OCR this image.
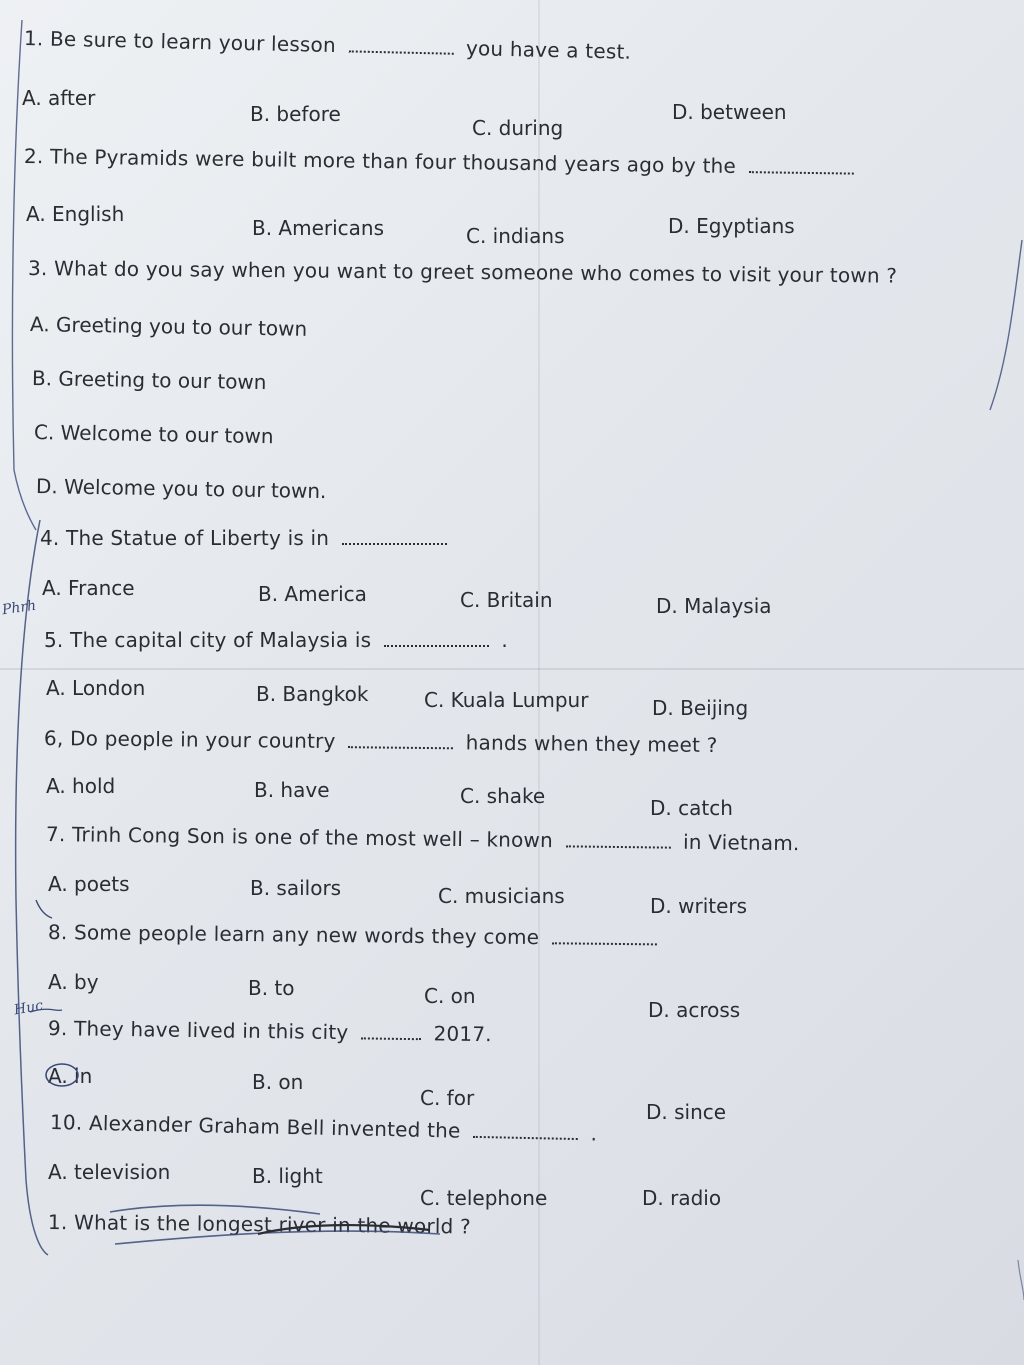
1. Be sure to learn your lesson	you have a test.
A. after
B. before
C. during
D. between
2. The Pyramids were built more than four thousand years ago by the
A. English
B. Americans	C. indians	D. Egyptians
3. What do you say when you want to greet someone who comes to visit your town ?
A. Greeting you to our town
B. Greeting to our town
C. Welcome to our town
D. Welcome you to our town.
4. The Statue of Liberty is in
A. France	B. America	C. Britain	D. Malaysia
5. The capital city of Malaysia is	.
A. London	B. Bangkok	C. Kuala Lumpur	D. Beijing
6, Do people in your country	hands when they meet ?
A. hold	B. have	C. shake	D. catch
7. Trinh Cong Son is one of the most well – known	in Vietnam.
A. poets	B. sailors	C. musicians	D. writers
8. Some people learn any new words they come
A. by	B. to	C. on
D. across
9. They have lived in this city	2017.
A. in	B. on
C. for
D. since
10. Alexander Graham Bell invented the	.
A. television	B. light
C. telephone	D. radio
1. What is the longest river in the world ?
Phrh
Huc
